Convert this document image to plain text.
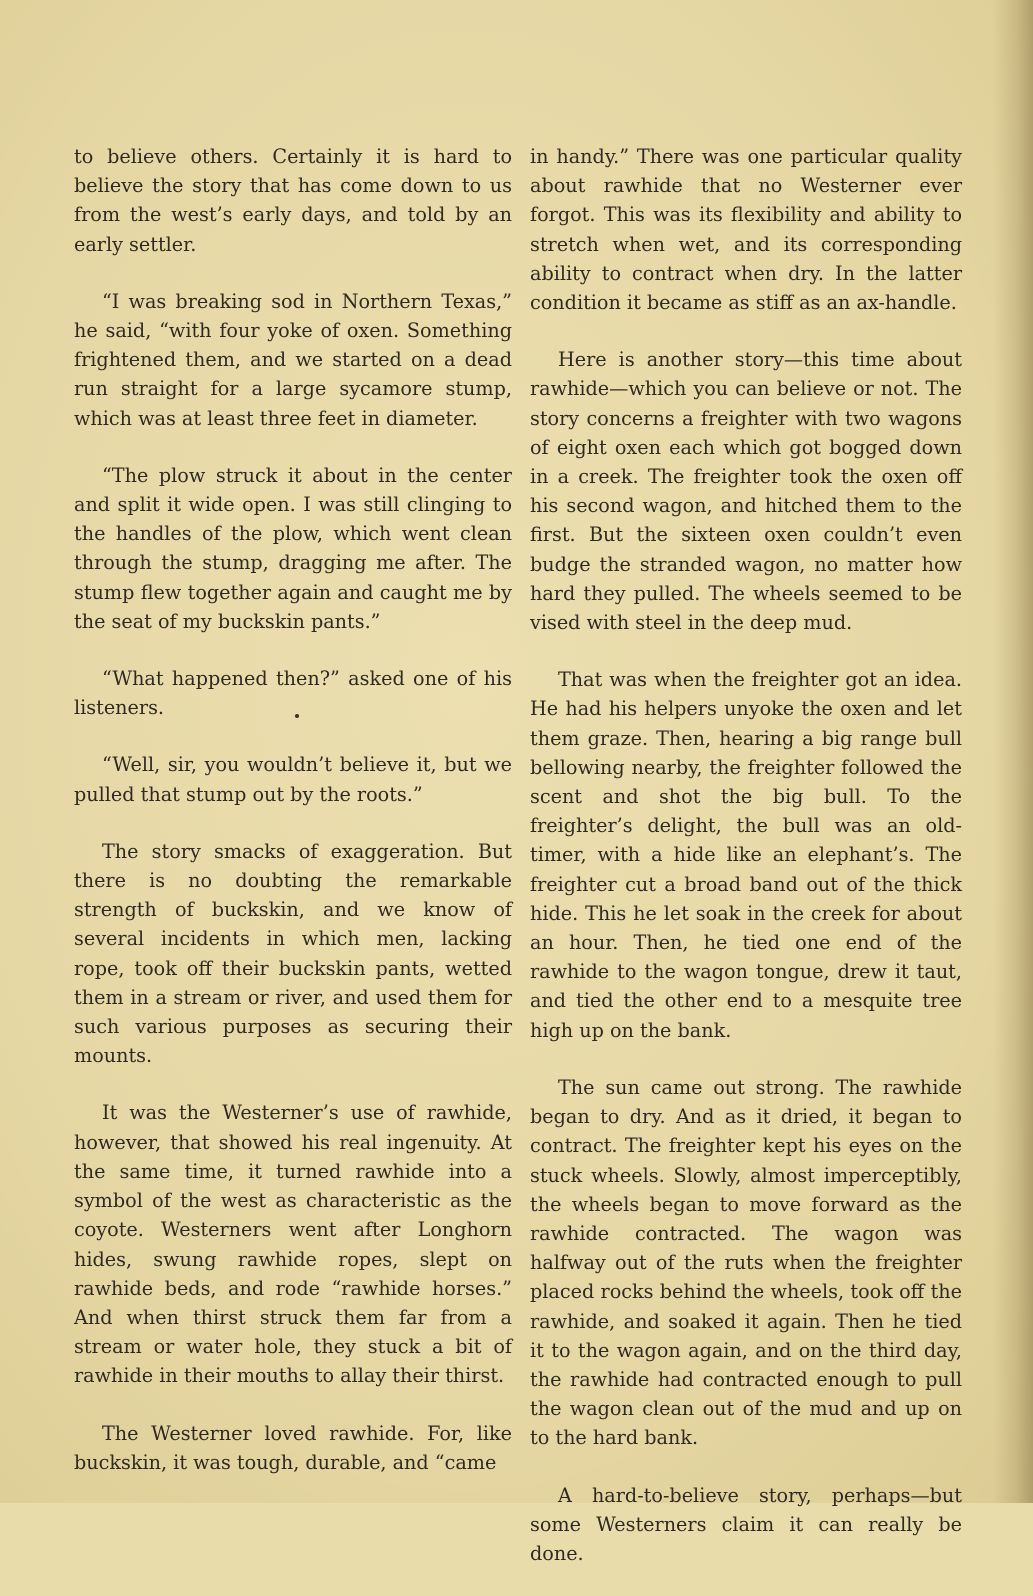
to believe others. Certainly it is hard to believe the story that has come down to us from the west’s early days, and told by an early settler.

“I was breaking sod in Northern Texas,” he said, “with four yoke of oxen. Something frightened them, and we started on a dead run straight for a large sycamore stump, which was at least three feet in diameter.

“The plow struck it about in the center and split it wide open. I was still clinging to the handles of the plow, which went clean through the stump, dragging me after. The stump flew together again and caught me by the seat of my buckskin pants.”

“What happened then?” asked one of his listeners.

“Well, sir, you wouldn’t believe it, but we pulled that stump out by the roots.”

The story smacks of exaggeration. But there is no doubting the remarkable strength of buckskin, and we know of several incidents in which men, lacking rope, took off their buckskin pants, wetted them in a stream or river, and used them for such various purposes as securing their mounts.

It was the Westerner’s use of rawhide, however, that showed his real ingenuity. At the same time, it turned rawhide into a symbol of the west as characteristic as the coyote. Westerners went after Longhorn hides, swung rawhide ropes, slept on rawhide beds, and rode “rawhide horses.” And when thirst struck them far from a stream or water hole, they stuck a bit of rawhide in their mouths to allay their thirst.

The Westerner loved rawhide. For, like buckskin, it was tough, durable, and “came

in handy.” There was one particular quality about rawhide that no Westerner ever forgot. This was its flexibility and ability to stretch when wet, and its corresponding ability to contract when dry. In the latter condition it became as stiff as an ax-handle.

Here is another story—this time about rawhide—which you can believe or not. The story concerns a freighter with two wagons of eight oxen each which got bogged down in a creek. The freighter took the oxen off his second wagon, and hitched them to the first. But the sixteen oxen couldn’t even budge the stranded wagon, no matter how hard they pulled. The wheels seemed to be vised with steel in the deep mud.

That was when the freighter got an idea. He had his helpers unyoke the oxen and let them graze. Then, hearing a big range bull bellowing nearby, the freighter followed the scent and shot the big bull. To the freighter’s delight, the bull was an old-timer, with a hide like an elephant’s. The freighter cut a broad band out of the thick hide. This he let soak in the creek for about an hour. Then, he tied one end of the rawhide to the wagon tongue, drew it taut, and tied the other end to a mesquite tree high up on the bank.

The sun came out strong. The rawhide began to dry. And as it dried, it began to contract. The freighter kept his eyes on the stuck wheels. Slowly, almost imperceptibly, the wheels began to move forward as the rawhide contracted. The wagon was halfway out of the ruts when the freighter placed rocks behind the wheels, took off the rawhide, and soaked it again. Then he tied it to the wagon again, and on the third day, the rawhide had contracted enough to pull the wagon clean out of the mud and up on to the hard bank.

A hard-to-believe story, perhaps—but some Westerners claim it can really be done.
